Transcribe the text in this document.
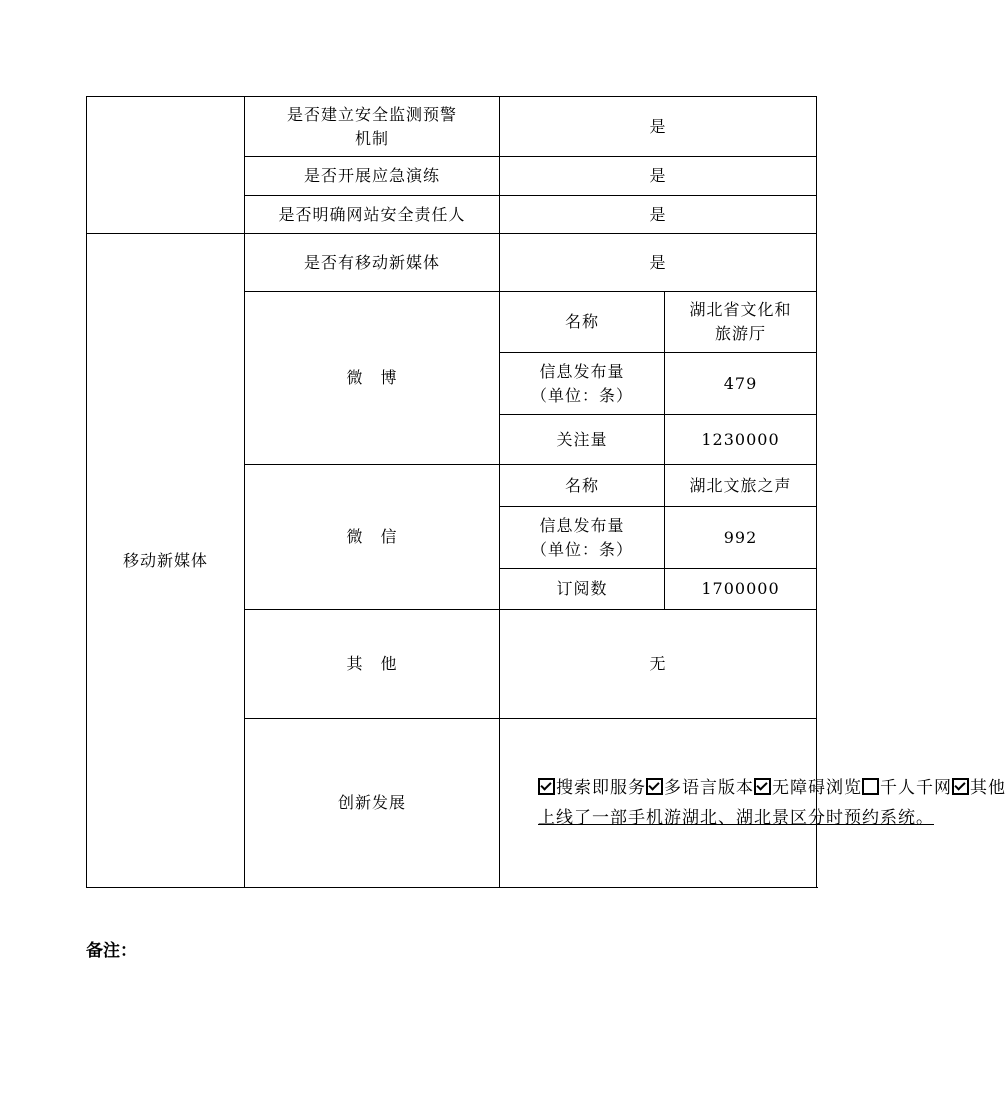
	是否建立安全监测预警
机制	是	
	是否开展应急演练	是	
	是否明确网站安全责任人	是	
移动新媒体	是否有移动新媒体	是	
	微　博	名称	湖北省文化和
旅游厅
		信息发布量
（单位：条）	479
		关注量	1230000
	微　信	名称	湖北文旅之声
		信息发布量
（单位：条）	992
		订阅数	1700000
	其　他	无	
	创新发展	搜索即服务 多语言版本 无障碍浏览 千人千网 其他
上线了一部手机游湖北、湖北景区分时预约系统。	
备注：
